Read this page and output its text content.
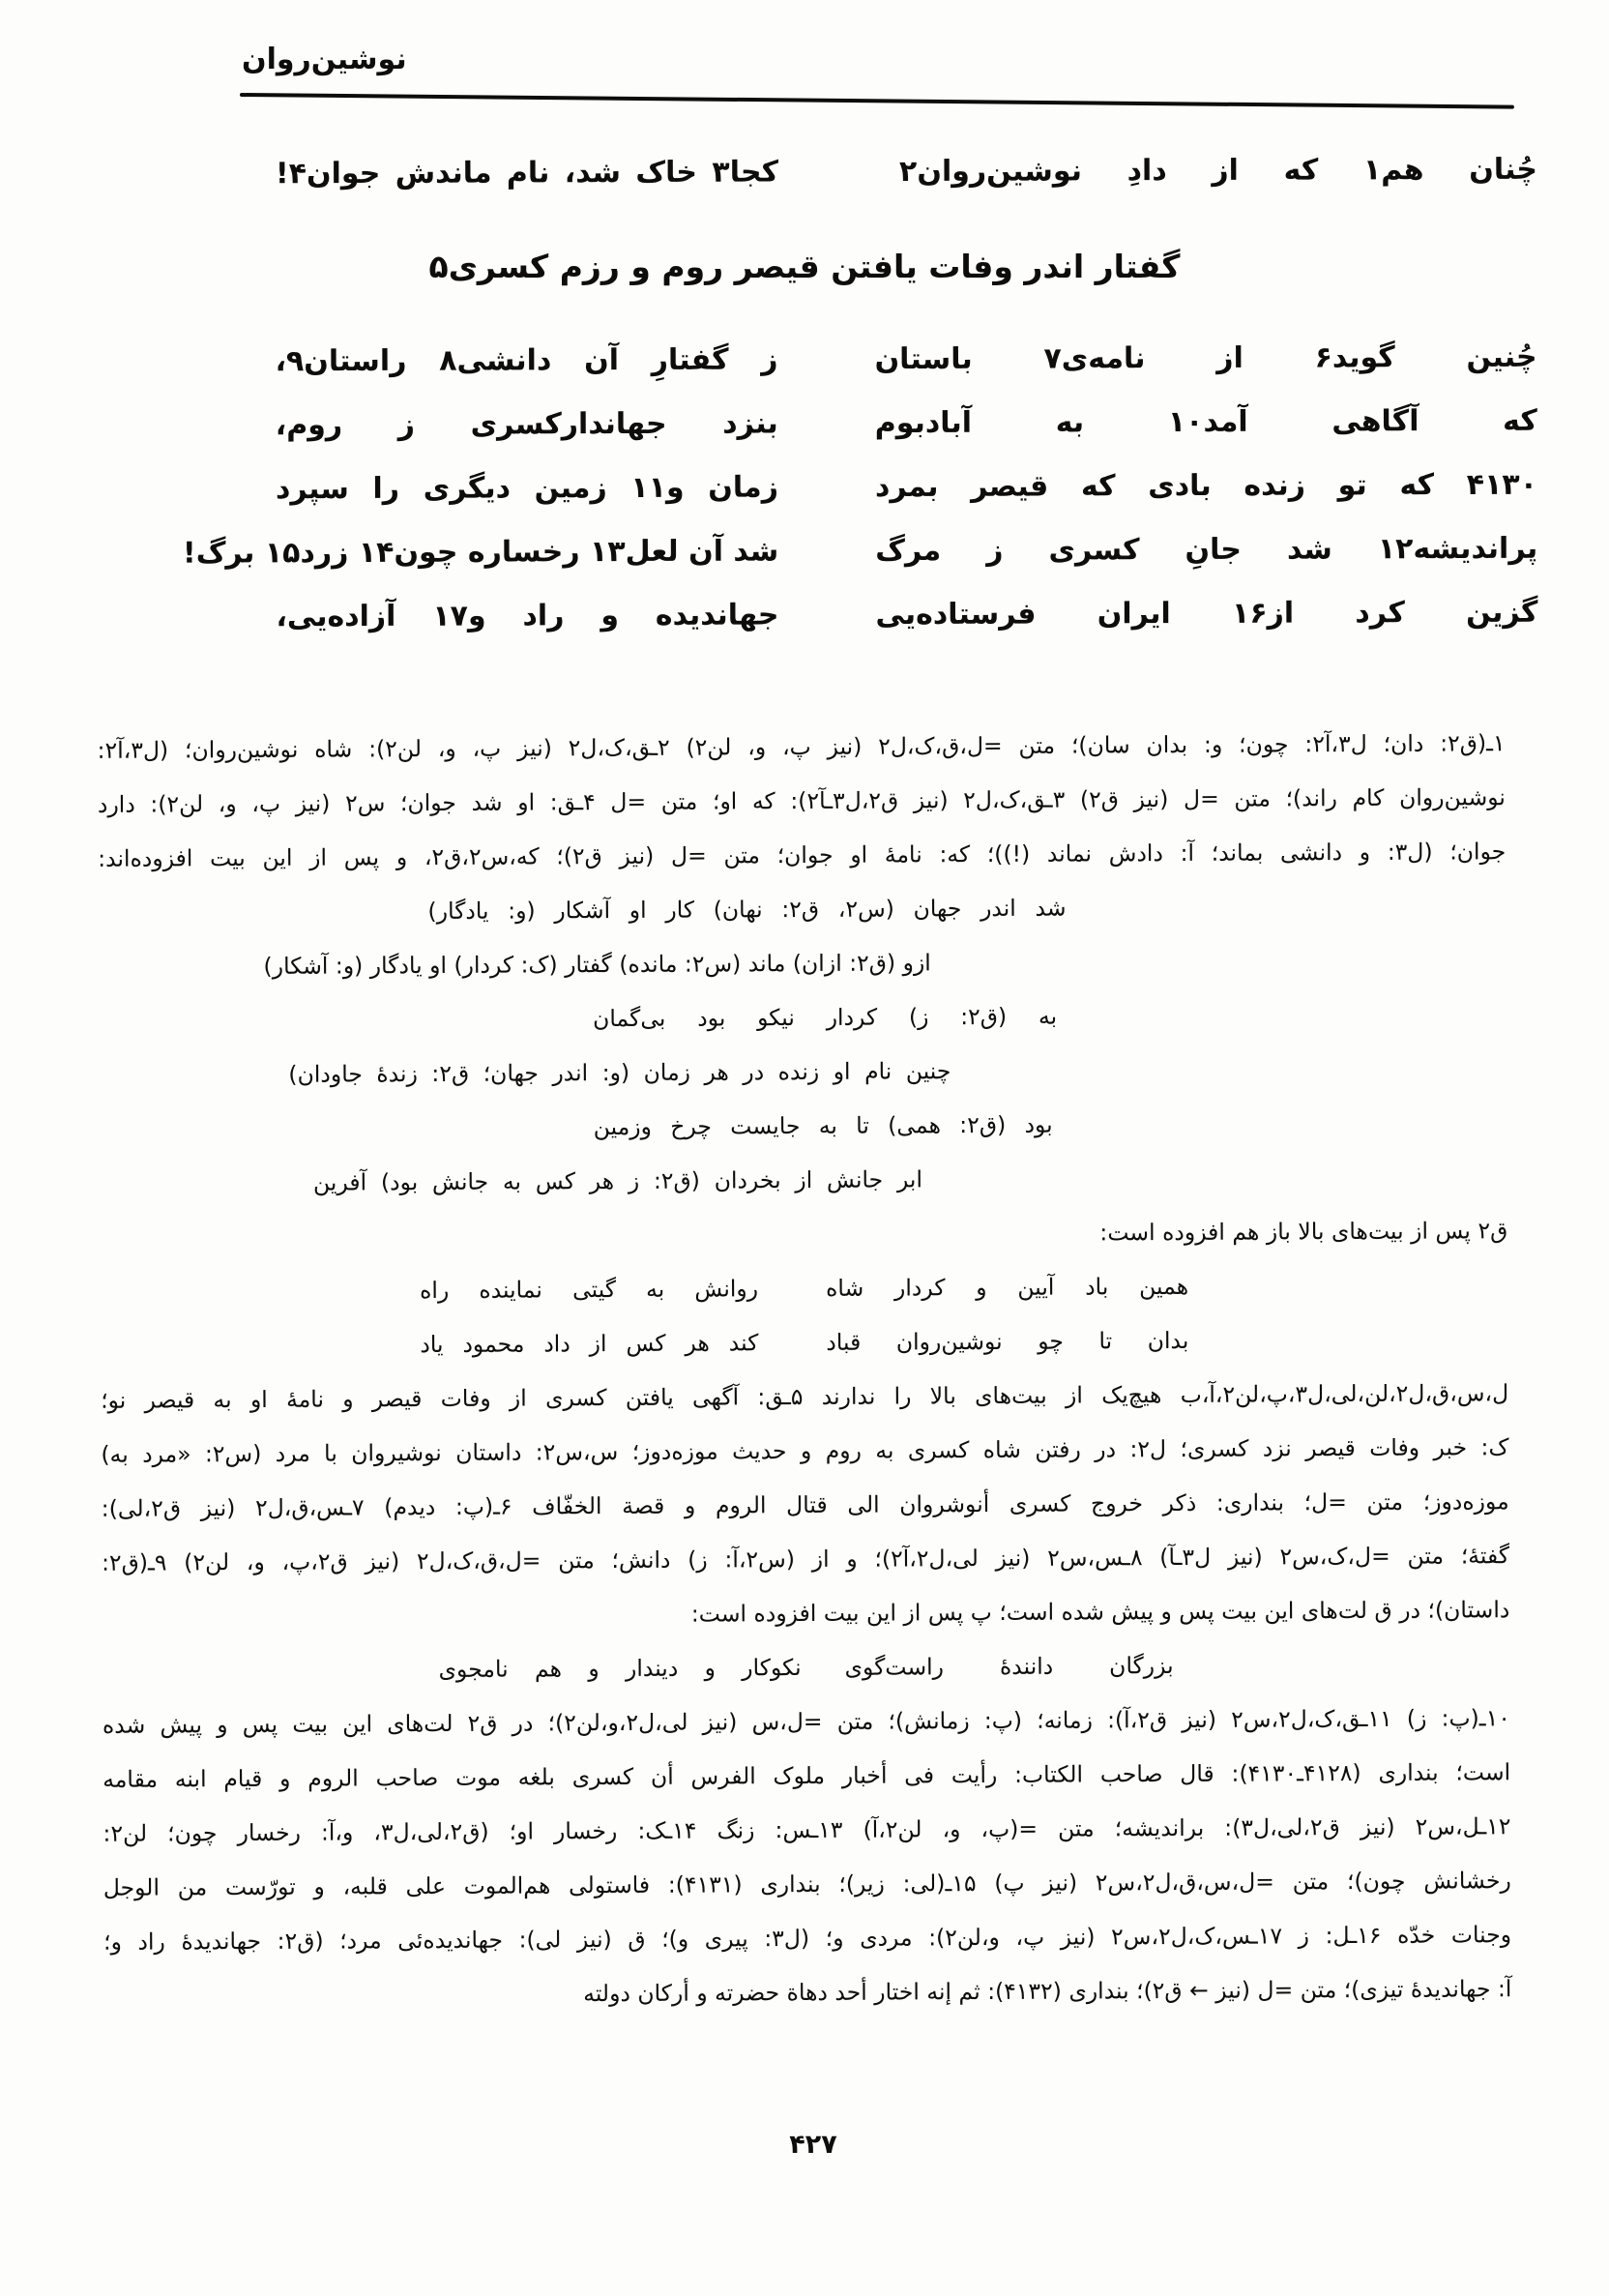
نوشین‌روان
چُنان هم۱ که از دادِ نوشین‌روان۲
کجا۳ خاک شد، نام ماندش جوان۴!
گفتار اندر وفات یافتن قیصر روم و رزم کسری۵
چُنین گوید۶ از نامه‌ی۷ باستان
ز گفتارِ آن دانشی۸ راستان۹،
که آگاهی آمد۱۰ به آبادبوم
بنزد جهاندارکسری ز روم،
۴۱۳۰ که تو زنده بادی که قیصر بمرد
زمان و۱۱ زمین دیگری را سپرد
پراندیشه۱۲ شد جانِ کسری ز مرگ
شد آن لعل۱۳ رخساره چون۱۴ زرد۱۵ برگ!
گزین کرد از۱۶ ایران فرستاده‌یی
جهاندیده و راد و۱۷ آزاده‌یی،
۱ـ(ق۲: دان؛ ل۳،آ۲: چون؛ و: بدان سان)؛ متن =ل،ق،ک،ل۲ (نیز پ، و، لن۲) ۲ـق،ک،ل۲ (نیز پ، و، لن۲): شاه نوشین‌روان؛ (ل۳،آ۲:
نوشین‌روان کام راند)؛ متن =ل (نیز ق۲) ۳ـق،ک،ل۲ (نیز ق۲،ل۳ـآ۲): که او؛ متن =ل ۴ـق: او شد جوان؛ س۲ (نیز پ، و، لن۲): دارد
جوان؛ (ل۳: و دانشی بماند؛ آ: دادش نماند (!))؛ که: نامهٔ او جوان؛ متن =ل (نیز ق۲)؛ که،س۲،ق۲، و پس از این بیت افزوده‌اند:
شد اندر جهان (س۲، ق۲: نهان) کار او آشکار (و: یادگار)
ازو (ق۲: ازان) ماند (س۲: مانده) گفتار (ک: کردار) او یادگار (و: آشکار)
به (ق۲: ز) کردار نیکو بود بی‌گمان
چنین نام او زنده در هر زمان (و: اندر جهان؛ ق۲: زندهٔ جاودان)
بود (ق۲: همی) تا به جایست چرخ وزمین
ابر جانش از بخردان (ق۲: ز هر کس به جانش بود) آفرین
ق۲ پس از بیت‌های بالا باز هم افزوده است:
همین باد آیین و کردار شاه
روانش به گیتی نماینده راه
بدان تا چو نوشین‌روان قباد
کند هر کس از داد محمود یاد
ل،س،ق،ل۲،لن،لی،ل۳،پ،لن۲،آ،ب هیچ‌یک از بیت‌های بالا را ندارند ۵ـق: آگهی یافتن کسری از وفات قیصر و نامهٔ او به قیصر نو؛
ک: خبر وفات قیصر نزد کسری؛ ل۲: در رفتن شاه کسری به روم و حدیث موزه‌دوز؛ س،س۲: داستان نوشیروان با مرد (س۲: «مرد به)
موزه‌دوز؛ متن =ل؛ بنداری: ذکر خروج کسری أنوشروان الی قتال الروم و قصة الخفّاف ۶ـ(پ: دیدم) ۷ـس،ق،ل۲ (نیز ق۲،لی):
گفتهٔ؛ متن =ل،ک،س۲ (نیز ل۳ـآ) ۸ـس،س۲ (نیز لی،ل۲،آ۲)؛ و از (س۲،آ: ز) دانش؛ متن =ل،ق،ک،ل۲ (نیز ق۲،پ، و، لن۲) ۹ـ(ق۲:
داستان)؛ در ق لت‌های این بیت پس و پیش شده است؛ پ پس از این بیت افزوده است:
بزرگان دانندهٔ راست‌گوی
نکوکار و دیندار و هم نامجوی
۱۰ـ(پ: ز) ۱۱ـق،ک،ل۲،س۲ (نیز ق۲،آ): زمانه؛ (پ: زمانش)؛ متن =ل،س (نیز لی،ل۲،و،لن۲)؛ در ق۲ لت‌های این بیت پس و پیش شده
است؛ بنداری (۴۱۲۸ـ۴۱۳۰): قال صاحب الکتاب: رأیت فی أخبار ملوک الفرس أن کسری بلغه موت صاحب الروم و قیام ابنه مقامه
۱۲ـل،س۲ (نیز ق۲،لی،ل۳): براندیشه؛ متن =(پ، و، لن۲،آ) ۱۳ـس: زنگ ۱۴ـک: رخسار او؛ (ق۲،لی،ل۳، و،آ: رخسار چون؛ لن۲:
رخشانش چون)؛ متن =ل،س،ق،ل۲،س۲ (نیز پ) ۱۵ـ(لی: زیر)؛ بنداری (۴۱۳۱): فاستولی هم‌الموت علی قلبه، و تورّست من الوجل
وجنات خدّه ۱۶ـل: ز ۱۷ـس،ک،ل۲،س۲ (نیز پ، و،لن۲): مردی و؛ (ل۳: پیری و)؛ ق (نیز لی): جهاندیده‌ئی مرد؛ (ق۲: جهاندیدهٔ راد و؛
آ: جهاندیدهٔ تیزی)؛ متن =ل (نیز ← ق۲)؛ بنداری (۴۱۳۲): ثم إنه اختار أحد دهاة حضرته و أرکان دولته
۴۲۷
